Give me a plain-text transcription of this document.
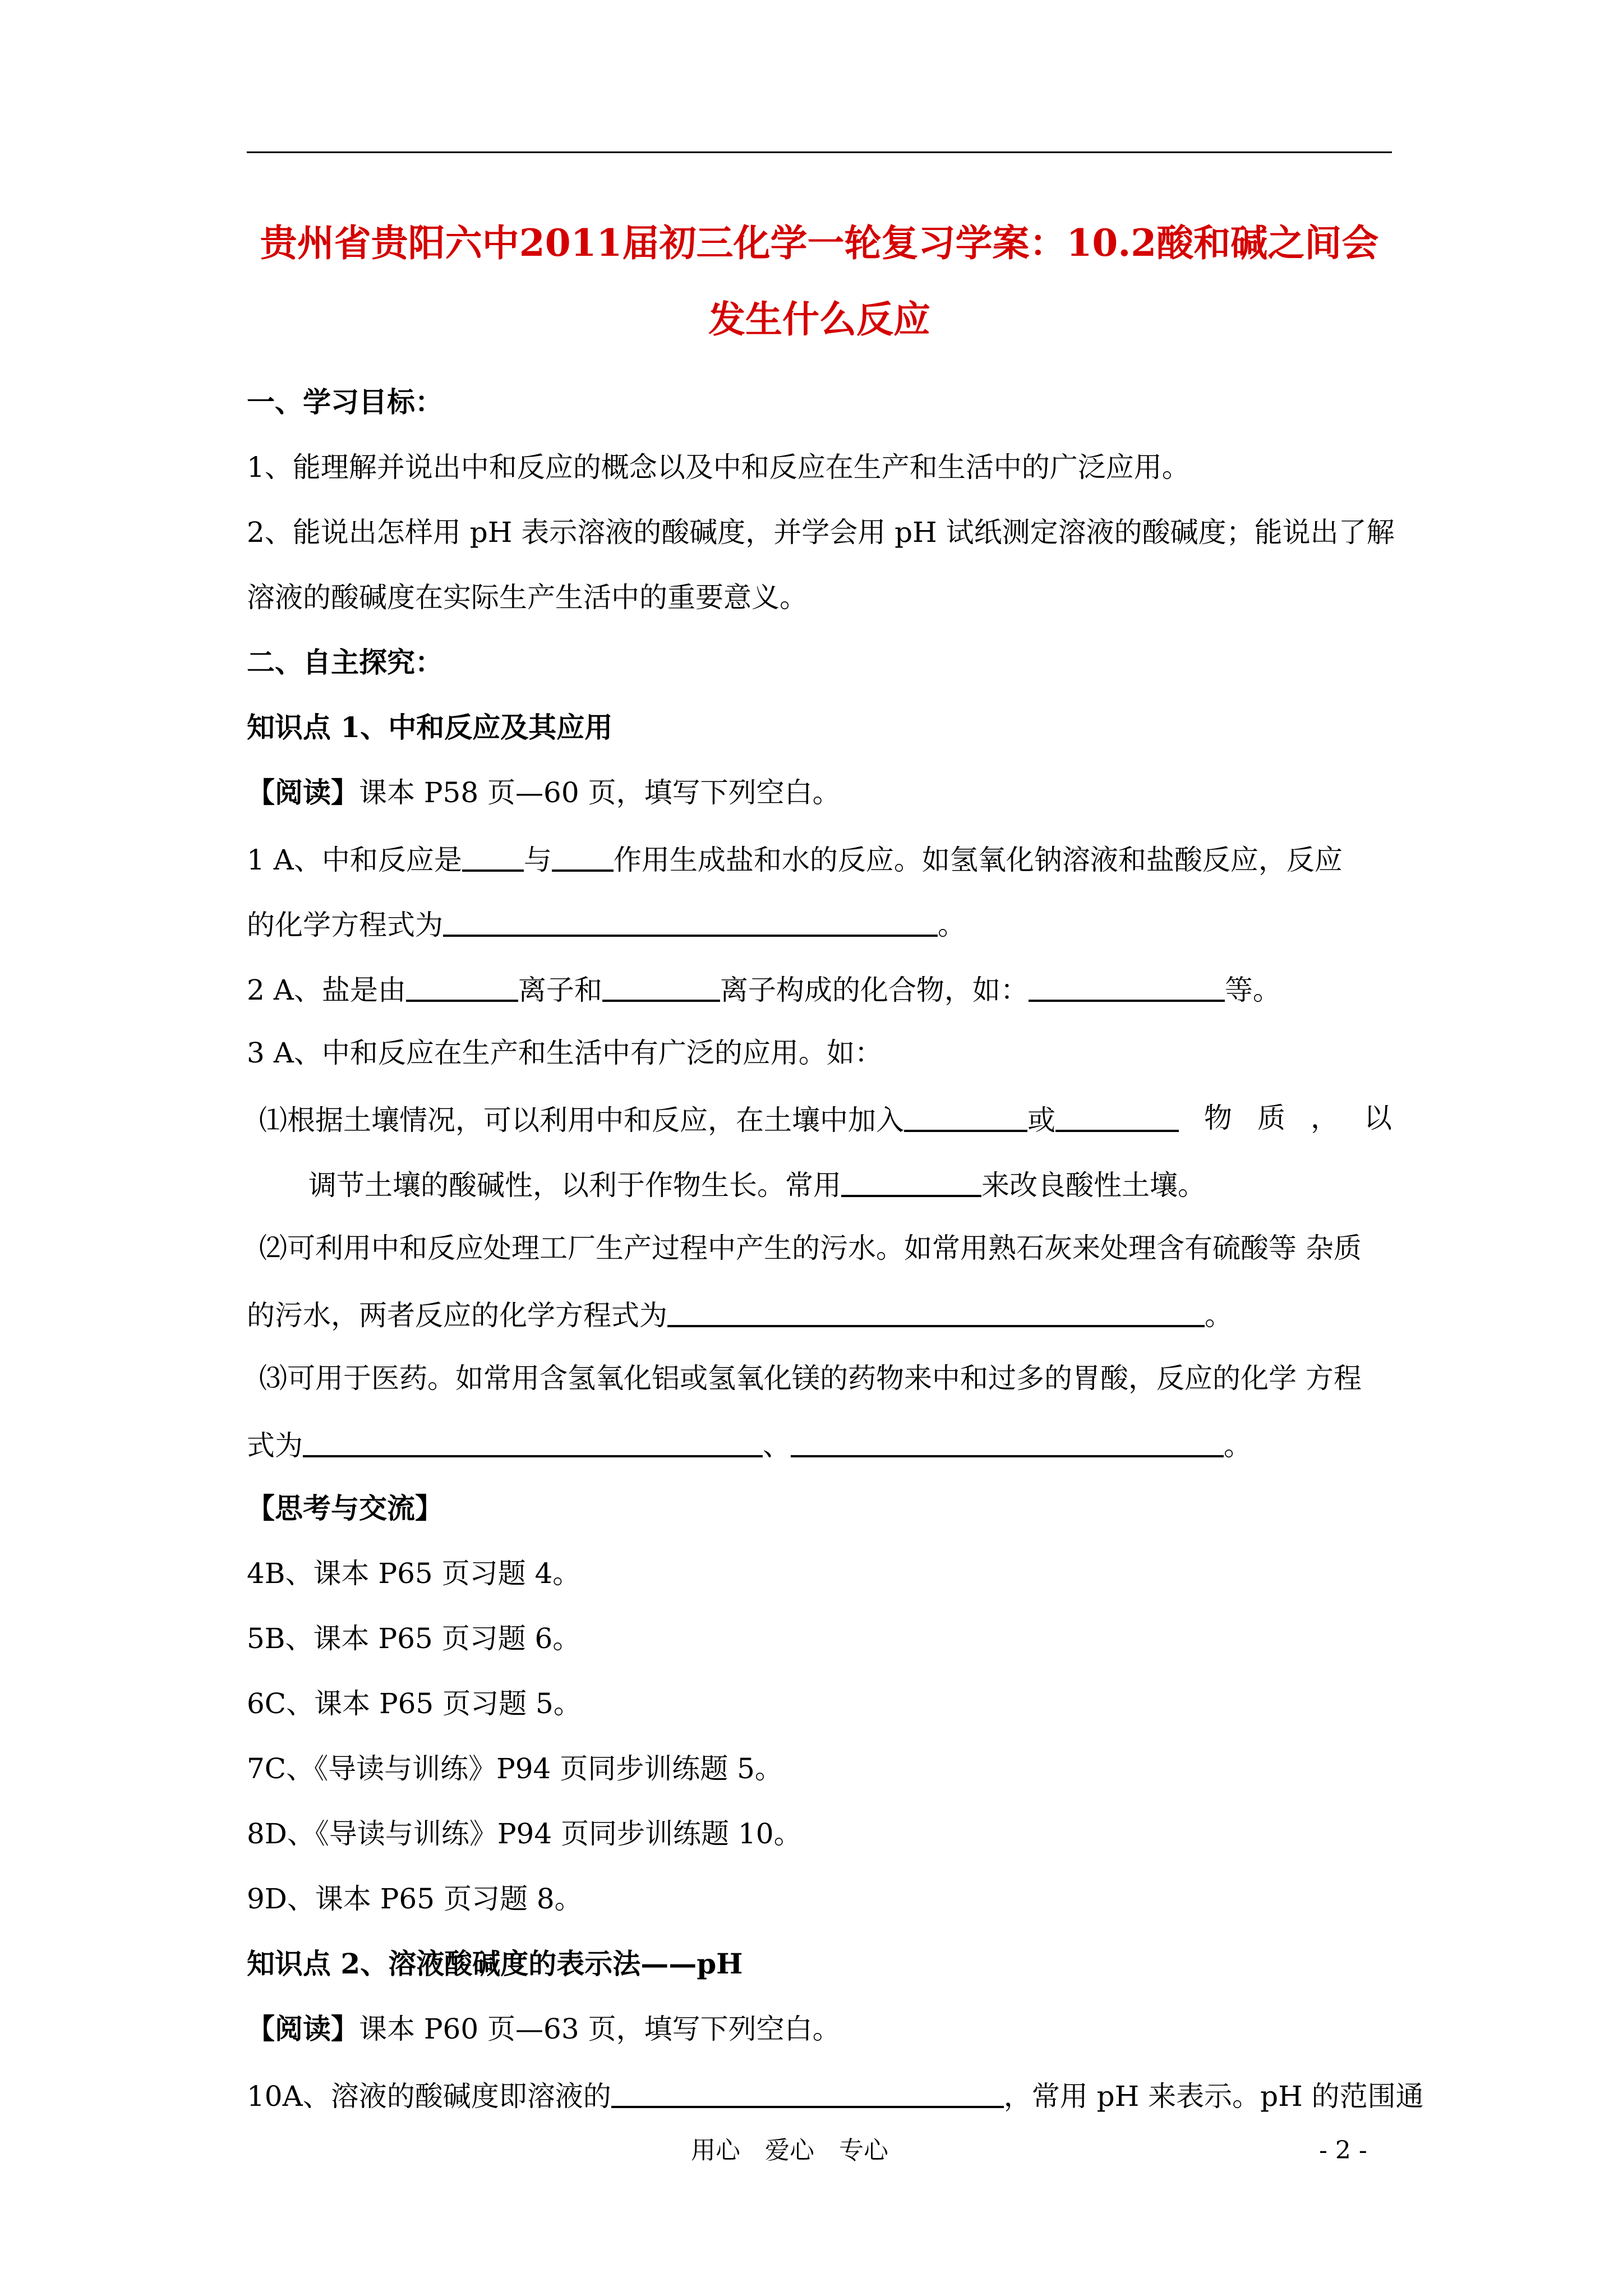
贵州省贵阳六中2011届初三化学一轮复习学案：10.2酸和碱之间会
发生什么反应
一、学习目标：
1、能理解并说出中和反应的概念以及中和反应在生产和生活中的广泛应用。
2、能说出怎样用 pH 表示溶液的酸碱度，并学会用 pH 试纸测定溶液的酸碱度；能说出了解
溶液的酸碱度在实际生产生活中的重要意义。
二、自主探究：
知识点 1、中和反应及其应用
【阅读】课本 P58 页—60 页，填写下列空白。
1 A、中和反应是 与 作用生成盐和水的反应。如氢氧化钠溶液和盐酸反应，反应
的化学方程式为	。
2 A、盐是由	离子和	离子构成的化合物，如：	等。
3 A、中和反应在生产和生活中有广泛的应用。如：
⑴根据土壤情况，可以利用中和反应，在土壤中加入	或	物 质 ， 以
调节土壤的酸碱性，以利于作物生长。常用	来改良酸性土壤。
⑵可利用中和反应处理工厂生产过程中产生的污水。如常用熟石灰来处理含有硫酸等 杂质
的污水，两者反应的化学方程式为	。
⑶可用于医药。如常用含氢氧化铝或氢氧化镁的药物来中和过多的胃酸，反应的化学 方程
式为	、	。
【思考与交流】
4B、课本 P65 页习题 4。
5B、课本 P65 页习题 6。
6C、课本 P65 页习题 5。
7C、《导读与训练》P94 页同步训练题 5。
8D、《导读与训练》P94 页同步训练题 10。
9D、课本 P65 页习题 8。
知识点 2、溶液酸碱度的表示法——pH
【阅读】课本 P60 页—63 页，填写下列空白。
10A、溶液的酸碱度即溶液的	，常用 pH 来表示。pH 的范围通
用心　爱心　专心	- 2 -
